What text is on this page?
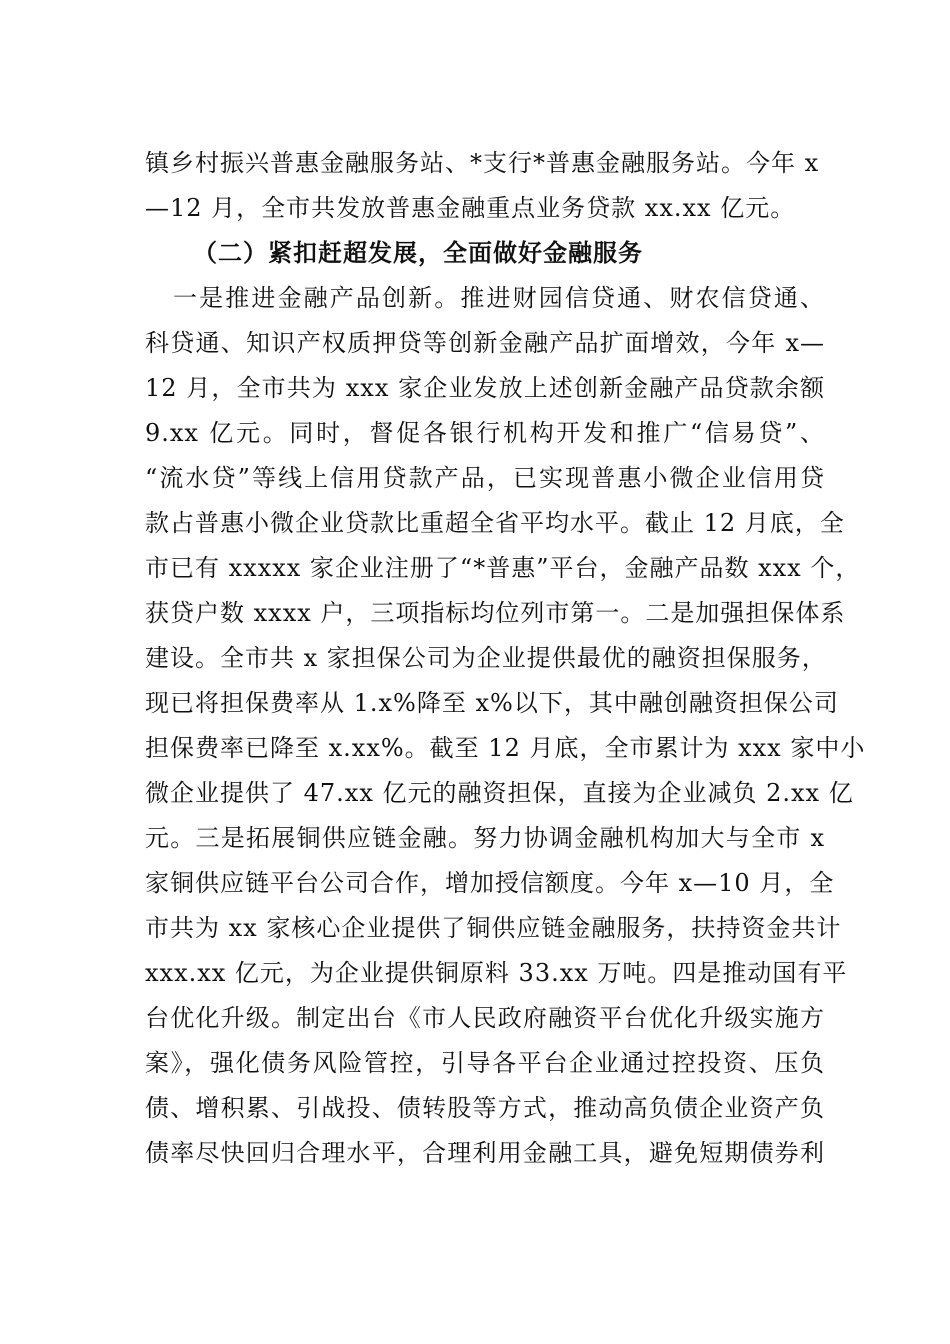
镇乡村振兴普惠金融服务站、*支行*普惠金融服务站。今年 x

—12 月，全市共发放普惠金融重点业务贷款 xx.xx 亿元。

（二）紧扣赶超发展，全面做好金融服务

一是推进金融产品创新。推进财园信贷通、财农信贷通、

科贷通、知识产权质押贷等创新金融产品扩面增效，今年 x—

12 月，全市共为 xxx 家企业发放上述创新金融产品贷款余额

9.xx 亿元。同时，督促各银行机构开发和推广“信易贷”、

“流水贷”等线上信用贷款产品，已实现普惠小微企业信用贷

款占普惠小微企业贷款比重超全省平均水平。截止 12 月底，全

市已有 xxxxx 家企业注册了“*普惠”平台，金融产品数 xxx 个，

获贷户数 xxxx 户，三项指标均位列市第一。二是加强担保体系

建设。全市共 x 家担保公司为企业提供最优的融资担保服务，

现已将担保费率从 1.x%降至 x%以下，其中融创融资担保公司

担保费率已降至 x.xx%。截至 12 月底，全市累计为 xxx 家中小

微企业提供了 47.xx 亿元的融资担保，直接为企业减负 2.xx 亿

元。三是拓展铜供应链金融。努力协调金融机构加大与全市 x

家铜供应链平台公司合作，增加授信额度。今年 x—10 月，全

市共为 xx 家核心企业提供了铜供应链金融服务，扶持资金共计

xxx.xx 亿元，为企业提供铜原料 33.xx 万吨。四是推动国有平

台优化升级。制定出台《市人民政府融资平台优化升级实施方

案》，强化债务风险管控，引导各平台企业通过控投资、压负

债、增积累、引战投、债转股等方式，推动高负债企业资产负

债率尽快回归合理水平，合理利用金融工具，避免短期债券利
